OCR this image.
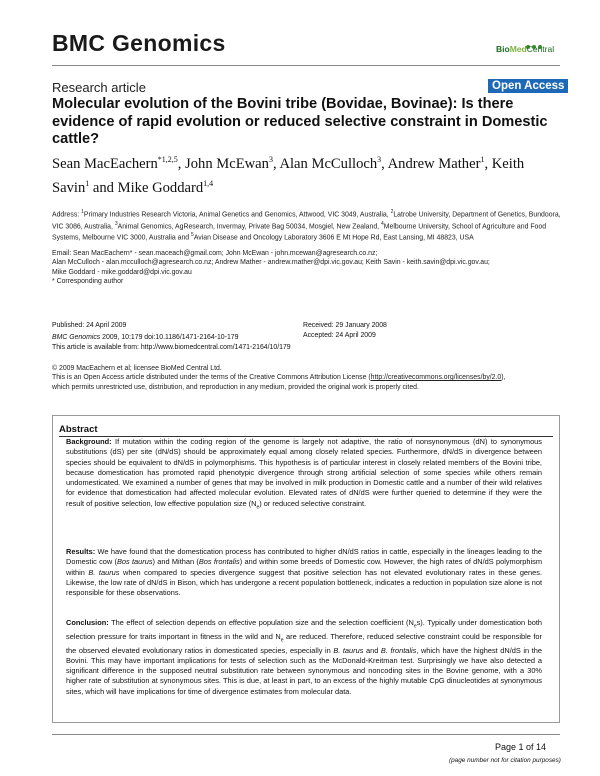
BMC Genomics	BioMedCentral
Research article	Open Access
Molecular evolution of the Bovini tribe (Bovidae, Bovinae): Is there evidence of rapid evolution or reduced selective constraint in Domestic cattle?

Sean MacEachern$^{*1,2,5}$, John McEwan$^3$, Alan McCulloch$^3$, Andrew Mather$^1$, Keith Savin$^1$ and Mike Goddard$^{1,4}$

Address: $^1$Primary Industries Research Victoria, Animal Genetics and Genomics, Attwood, VIC 3049, Australia, $^2$Latrobe University, Department of Genetics, Bundoora, VIC 3086, Australia, $^3$Animal Genomics, AgResearch, Invermay, Private Bag 50034, Mosgiel, New Zealand, $^4$Melbourne University, School of Agriculture and Food Systems, Melbourne VIC 3000, Australia and $^5$Avian Disease and Oncology Laboratory 3606 E Mt Hope Rd, East Lansing, MI 48823, USA

Email: Sean MacEachern* - sean.maceach@gmail.com; John McEwan - john.mcewan@agresearch.co.nz;
Alan McCulloch - alan.mcculloch@agresearch.co.nz; Andrew Mather - andrew.mather@dpi.vic.gov.au; Keith Savin - keith.savin@dpi.vic.gov.au;
Mike Goddard - mike.goddard@dpi.vic.gov.au
* Corresponding author

Published: 24 April 2009
BMC Genomics 2009, 10:179 doi:10.1186/1471-2164-10-179
This article is available from: http://www.biomedcentral.com/1471-2164/10/179
Received: 29 January 2008
Accepted: 24 April 2009

© 2009 MacEachern et al; licensee BioMed Central Ltd.
This is an Open Access article distributed under the terms of the Creative Commons Attribution License (http://creativecommons.org/licenses/by/2.0),
which permits unrestricted use, distribution, and reproduction in any medium, provided the original work is properly cited.

Abstract

Background: If mutation within the coding region of the genome is largely not adaptive, the ratio of nonsynonymous (dN) to synonymous substitutions (dS) per site (dN/dS) should be approximately equal among closely related species. Furthermore, dN/dS in divergence between species should be equivalent to dN/dS in polymorphisms. This hypothesis is of particular interest in closely related members of the Bovini tribe, because domestication has promoted rapid phenotypic divergence through strong artificial selection of some species while others remain undomesticated. We examined a number of genes that may be involved in milk production in Domestic cattle and a number of their wild relatives for evidence that domestication had affected molecular evolution. Elevated rates of dN/dS were further queried to determine if they were the result of positive selection, low effective population size $(N_e)$ or reduced selective constraint.

Results: We have found that the domestication process has contributed to higher dN/dS ratios in cattle, especially in the lineages leading to the Domestic cow (Bos taurus) and Mithan (Bos frontalis) and within some breeds of Domestic cow. However, the high rates of dN/dS polymorphism within B. taurus when compared to species divergence suggest that positive selection has not elevated evolutionary rates in these genes. Likewise, the low rate of dN/dS in Bison, which has undergone a recent population bottleneck, indicates a reduction in population size alone is not responsible for these observations.

Conclusion: The effect of selection depends on effective population size and the selection coefficient $(N_es)$. Typically under domestication both selection pressure for traits important in fitness in the wild and $N_e$ are reduced. Therefore, reduced selective constraint could be responsible for the observed elevated evolutionary ratios in domesticated species, especially in B. taurus and B. frontalis, which have the highest dN/dS in the Bovini. This may have important implications for tests of selection such as the McDonald-Kreitman test. Surprisingly we have also detected a significant difference in the supposed neutral substitution rate between synonymous and noncoding sites in the Bovine genome, with a 30% higher rate of substitution at synonymous sites. This is due, at least in part, to an excess of the highly mutable CpG dinucleotides at synonymous sites, which will have implications for time of divergence estimates from molecular data.

Page 1 of 14
(page number not for citation purposes)
